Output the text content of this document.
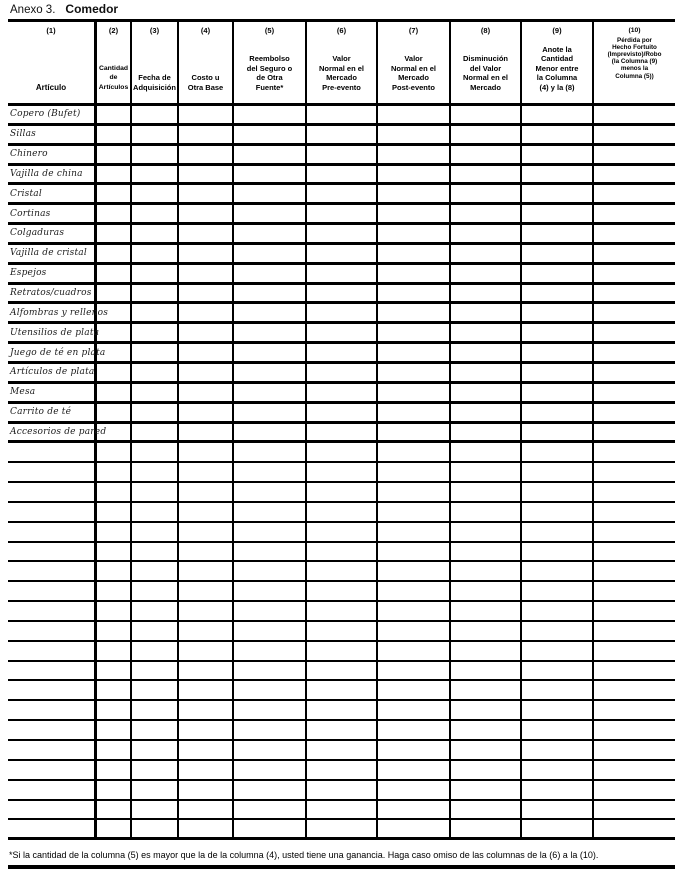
Anexo 3. Comedor
(1)
Artículo
(2)
Cantidad
de
Artículos
(3)
Fecha de
Adquisición
(4)
Costo u
Otra Base
(5)
Reembolso
del Seguro o
de Otra
Fuente*
(6)
Valor
Normal en el
Mercado
Pre-evento
(7)
Valor
Normal en el
Mercado
Post-evento
(8)
Disminución
del Valor
Normal en el
Mercado
(9)
Anote la
Cantidad
Menor entre
la Columna
(4) y la (8)
(10)
Pérdida por
Hecho Fortuito
(Imprevisto)/Robo
(la Columna (9)
menos la
Columna (5))
Copero (Bufet)
Sillas
Chinero
Vajilla de china
Cristal
Cortinas
Colgaduras
Vajilla de cristal
Espejos
Retratos/cuadros
Alfombras y rellenos
Utensilios de plata
Juego de té en plata
Artículos de plata
Mesa
Carrito de té
Accesorios de pared
*Si la cantidad de la columna (5) es mayor que la de la columna (4), usted tiene una ganancia. Haga caso omiso de las columnas de la (6) a la (10).
